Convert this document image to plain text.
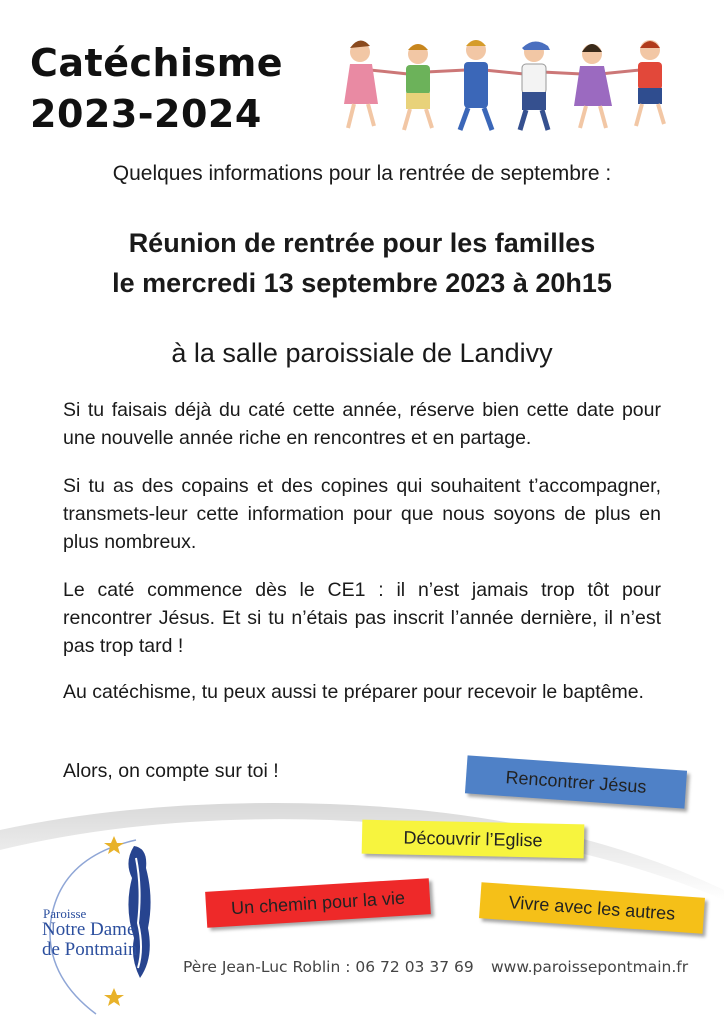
Catéchisme
2023-2024
Quelques informations pour la rentrée de septembre :
Réunion de rentrée pour les familles
le mercredi 13 septembre 2023 à 20h15
à la salle paroissiale de Landivy

Si tu faisais déjà du caté cette année, réserve bien cette date pour une nouvelle année riche en rencontres et en partage.

Si tu as des copains et des copines qui souhaitent t’accompagner, transmets-leur cette information pour que nous soyons de plus en plus nombreux.

Le caté commence dès le CE1 : il n’est jamais trop tôt pour rencontrer Jésus. Et si tu n’étais pas inscrit l’année dernière, il n’est pas trop tard !

Au catéchisme, tu peux aussi te préparer pour recevoir le baptême.

Alors, on compte sur toi !	Rencontrer Jésus
Découvrir l’Eglise
Un chemin pour la vie	Vivre avec les autres
Paroisse
Notre Dame
de Pontmain
Père Jean-Luc Roblin : 06 72 03 37 69 www.paroissepontmain.fr
